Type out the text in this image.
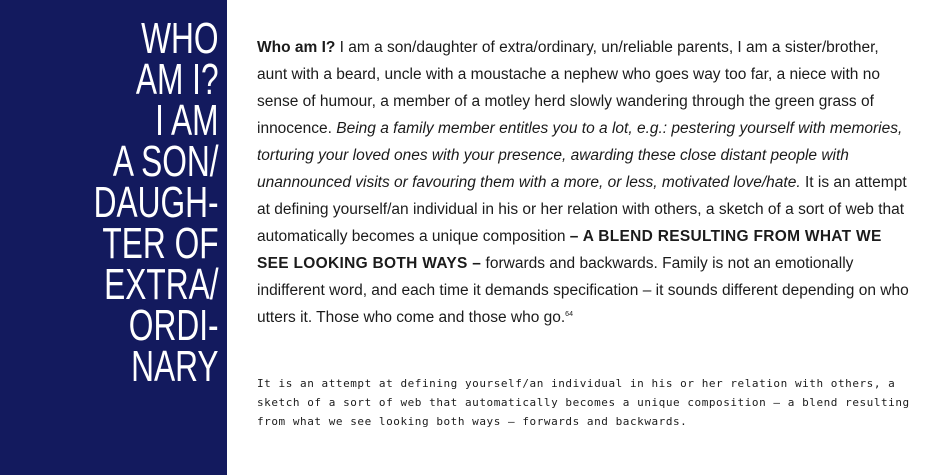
WHO
AM I?
I AM
A SON/
DAUGH-
TER OF
EXTRA/
ORDI-
NARY

Who am I? I am a son/daughter of extra/ordinary, un/reliable parents, I am a sister/brother, aunt with a beard, uncle with a moustache a nephew who goes way too far, a niece with no sense of humour, a member of a motley herd slowly wandering through the green grass of innocence. Being a family member entitles you to a lot, e.g.: pestering yourself with memories, torturing your loved ones with your presence, awarding these close distant people with unannounced visits or favouring them with a more, or less, motivated love/hate. It is an attempt at defining yourself/an individual in his or her relation with others, a sketch of a sort of web that automatically becomes a unique composition – A BLEND RESULTING FROM WHAT WE SEE LOOKING BOTH WAYS – forwards and backwards. Family is not an emotionally indifferent word, and each time it demands specification – it sounds different depending on who utters it. Those who come and those who go.$^{64}$

It is an attempt at defining yourself/an individual in his or her relation with others, a sketch of a sort of web that automatically becomes a unique composition – a blend resulting from what we see looking both ways – forwards and backwards.
